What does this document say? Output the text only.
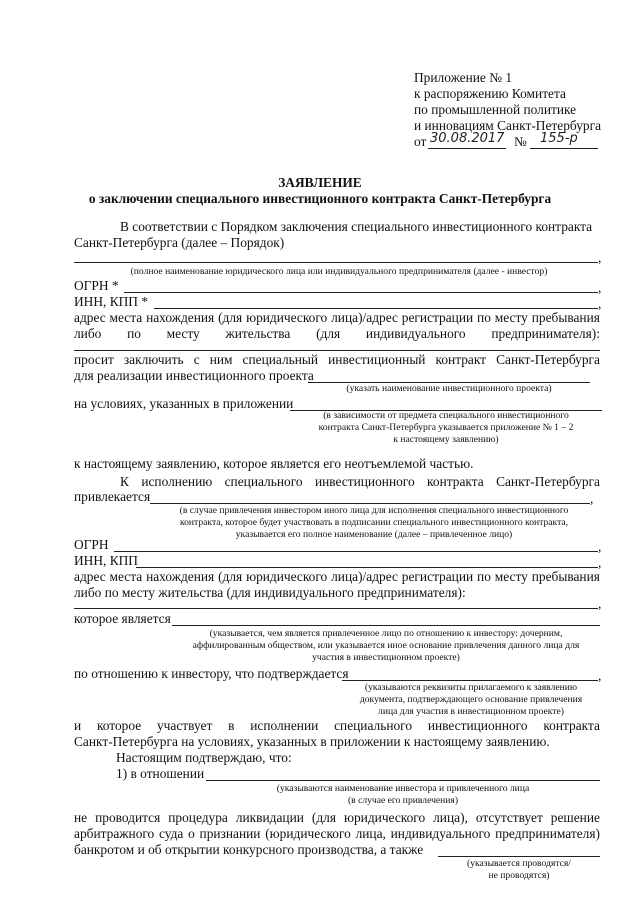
Приложение № 1
к распоряжению Комитета
по промышленной политике
и инновациям Санкт-Петербурга
от 30.08.2017 № 155-р
ЗАЯВЛЕНИЕ
о заключении специального инвестиционного контракта Санкт-Петербурга
В соответствии с Порядком заключения специального инвестиционного контракта
Санкт-Петербурга (далее – Порядок)
,
(полное наименование юридического лица или индивидуального предпринимателя (далее - инвестор)
ОГРН *	,
ИНН, КПП *	,
адрес места нахождения (для юридического лица)/адрес регистрации по месту пребывания
либо по месту жительства (для индивидуального предпринимателя):
просит заключить с ним специальный инвестиционный контракт Санкт-Петербурга
для реализации инвестиционного проекта
(указать наименование инвестиционного проекта)
на условиях, указанных в приложении
(в зависимости от предмета специального инвестиционного
контракта Санкт-Петербурга указывается приложение № 1 – 2
к настоящему заявлению)
к настоящему заявлению, которое является его неотъемлемой частью.
К исполнению специального инвестиционного контракта Санкт-Петербурга
привлекается	,
(в случае привлечения инвестором иного лица для исполнения специального инвестиционного
контракта, которое будет участвовать в подписании специального инвестиционного контракта,
указывается его полное наименование (далее – привлеченное лицо)
ОГРН	,
ИНН, КПП	,
адрес места нахождения (для юридического лица)/адрес регистрации по месту пребывания
либо по месту жительства (для индивидуального предпринимателя):
,
которое является
(указывается, чем является привлеченное лицо по отношению к инвестору: дочерним,
аффилированным обществом, или указывается иное основание привлечения данного лица для
участия в инвестиционном проекте)
по отношению к инвестору, что подтверждается	,
(указываются реквизиты прилагаемого к заявлению
документа, подтверждающего основание привлечения
лица для участия в инвестиционном проекте)
и которое участвует в исполнении специального инвестиционного контракта
Санкт-Петербурга на условиях, указанных в приложении к настоящему заявлению.
Настоящим подтверждаю, что:
1) в отношении
(указываются наименование инвестора и привлеченного лица
(в случае его привлечения)
не проводится процедура ликвидации (для юридического лица), отсутствует решение
арбитражного суда о признании (юридического лица, индивидуального предпринимателя)
банкротом и об открытии конкурсного производства, а также
(указывается проводятся/
не проводятся)
